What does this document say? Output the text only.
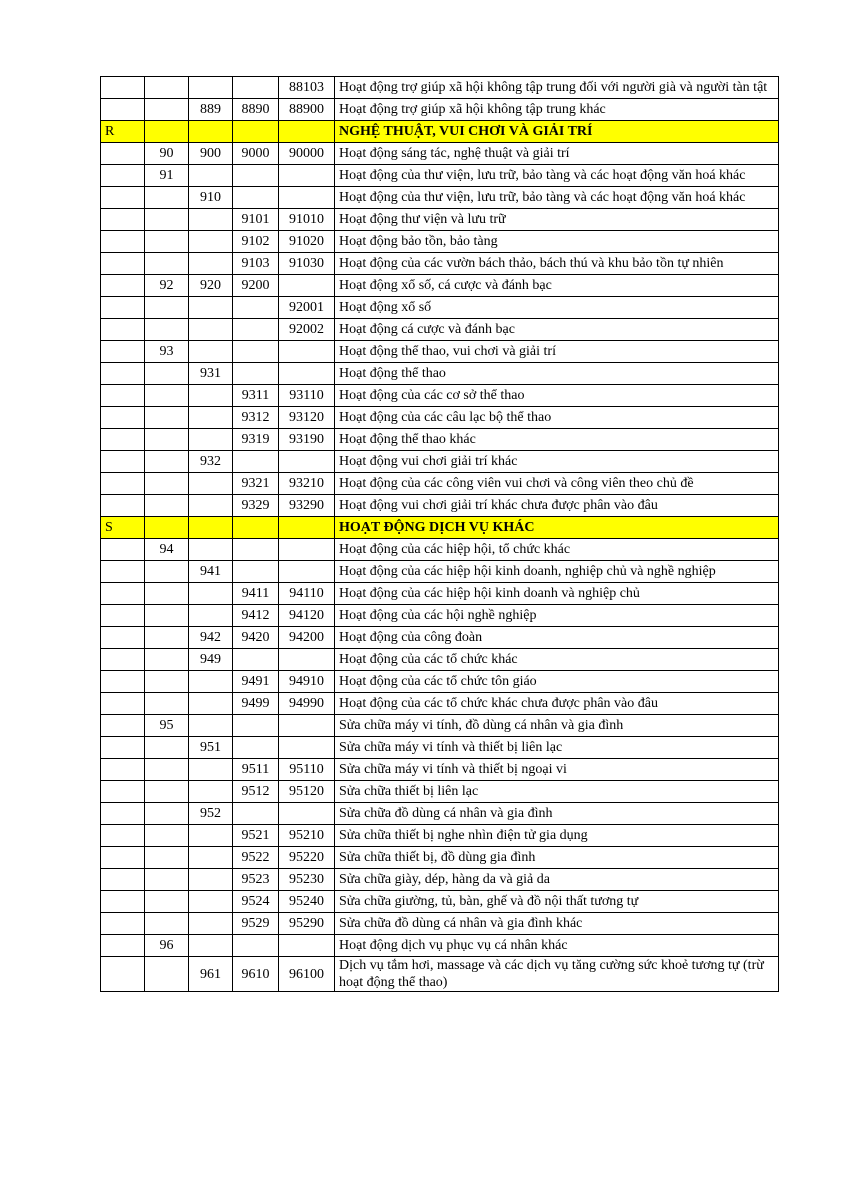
				88103	Hoạt động trợ giúp xã hội không tập trung đối với người già và người tàn tật
		889	8890	88900	Hoạt động trợ giúp xã hội không tập trung khác
R					NGHỆ THUẬT, VUI CHƠI VÀ GIẢI TRÍ
	90	900	9000	90000	Hoạt động sáng tác, nghệ thuật và giải trí
	91				Hoạt động của thư viện, lưu trữ, bảo tàng và các hoạt động văn hoá khác
		910			Hoạt động của thư viện, lưu trữ, bảo tàng và các hoạt động văn hoá khác
			9101	91010	Hoạt động thư viện và lưu trữ
			9102	91020	Hoạt động bảo tồn, bảo tàng
			9103	91030	Hoạt động của các vườn bách thảo, bách thú và khu bảo tồn tự nhiên
	92	920	9200		Hoạt động xổ số, cá cược và đánh bạc
				92001	Hoạt động xổ số
				92002	Hoạt động cá cược và đánh bạc
	93				Hoạt động thể thao, vui chơi và giải trí
		931			Hoạt động thể thao
			9311	93110	Hoạt động của các cơ sở thể thao
			9312	93120	Hoạt động của các câu lạc bộ thể thao
			9319	93190	Hoạt động thể thao khác
		932			Hoạt động vui chơi giải trí khác
			9321	93210	Hoạt động của các công viên vui chơi và công viên theo chủ đề
			9329	93290	Hoạt động vui chơi giải trí khác chưa được phân vào đâu
S					HOẠT ĐỘNG DỊCH VỤ KHÁC
	94				Hoạt động của các hiệp hội, tổ chức khác
		941			Hoạt động của các hiệp hội kinh doanh, nghiệp chủ và nghề nghiệp
			9411	94110	Hoạt động của các hiệp hội kinh doanh và nghiệp chủ
			9412	94120	Hoạt động của các hội nghề nghiệp
		942	9420	94200	Hoạt động của công đoàn
		949			Hoạt động của các tổ chức khác
			9491	94910	Hoạt động của các tổ chức tôn giáo
			9499	94990	Hoạt động của các tổ chức khác chưa được phân vào đâu
	95				Sửa chữa máy vi tính, đồ dùng cá nhân và gia đình
		951			Sửa chữa máy vi tính và thiết bị liên lạc
			9511	95110	Sửa chữa máy vi tính và thiết bị ngoại vi
			9512	95120	Sửa chữa thiết bị liên lạc
		952			Sửa chữa đồ dùng cá nhân và gia đình
			9521	95210	Sửa chữa thiết bị nghe nhìn điện tử gia dụng
			9522	95220	Sửa chữa thiết bị, đồ dùng gia đình
			9523	95230	Sửa chữa giày, dép, hàng da và giả da
			9524	95240	Sửa chữa giường, tủ, bàn, ghế và đồ nội thất tương tự
			9529	95290	Sửa chữa đồ dùng cá nhân và gia đình khác
	96				Hoạt động dịch vụ phục vụ cá nhân khác
		961	9610	96100	Dịch vụ tắm hơi, massage và các dịch vụ tăng cường sức khoẻ tương tự (trừ hoạt động thể thao)
